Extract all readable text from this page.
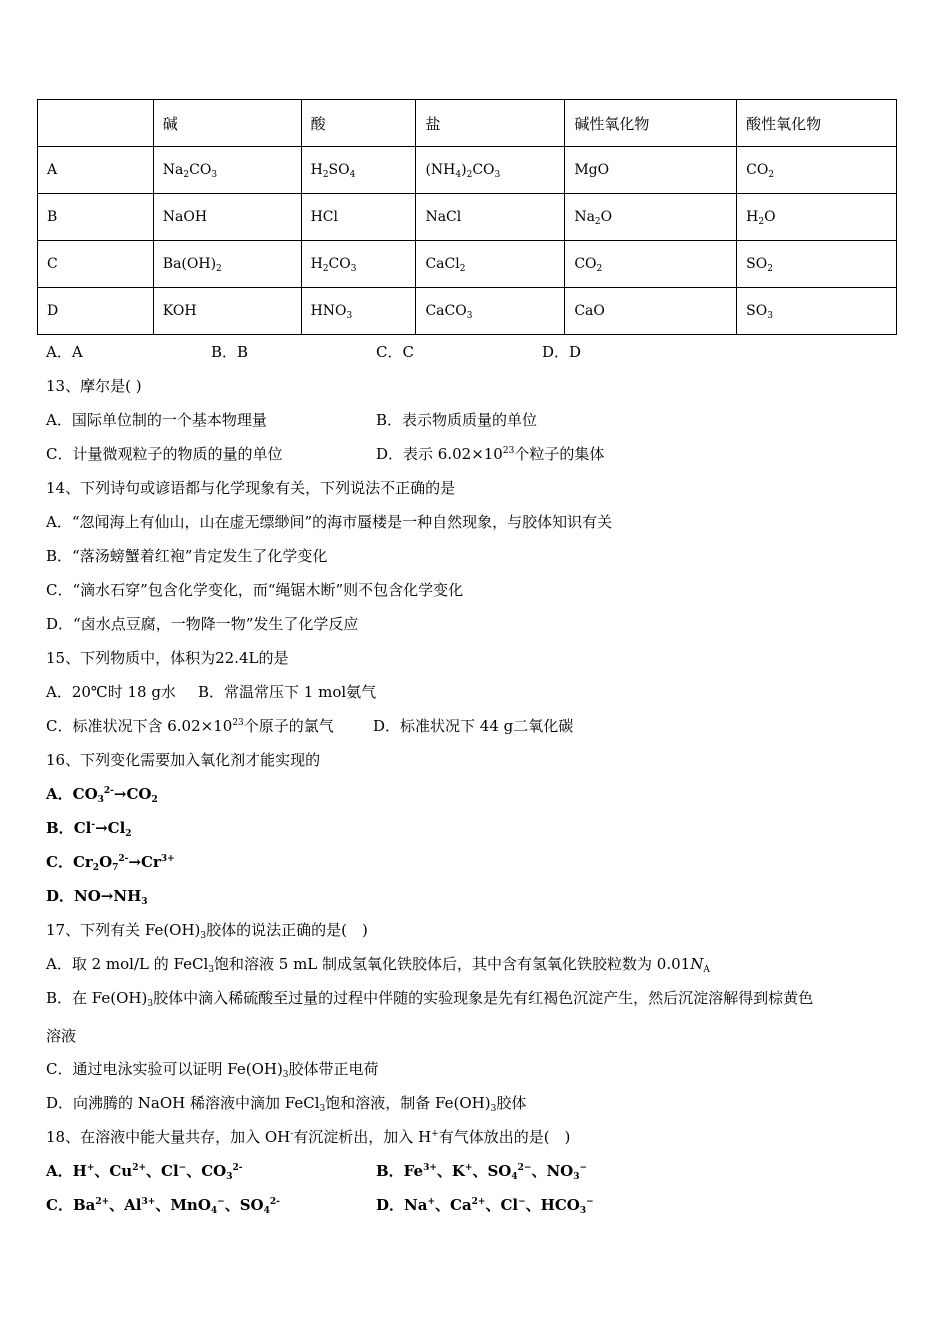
	碱	酸	盐	碱性氧化物	酸性氧化物
A	$Na_2CO_3$	$H_2SO_4$	$(NH_4)_2CO_3$	MgO	$CO_2$
B	NaOH	HCl	NaCl	$Na_2O$	$H_2O$
C	$Ba(OH)_2$	$H_2CO_3$	CaCl$_2$	$CO_2$	$SO_2$
D	KOH	$HNO_3$	CaCO$_3$	CaO	$SO_3$
A．A	B．B	C．C	D．D
13、摩尔是( )
A．国际单位制的一个基本物理量	B．表示物质质量的单位
C．计量微观粒子的物质的量的单位	D．表示 $6.02\times 10^{23}$个粒子的集体
14、下列诗句或谚语都与化学现象有关，下列说法不正确的是
A．“忽闻海上有仙山，山在虚无缥缈间”的海市蜃楼是一种自然现象，与胶体知识有关
B．“落汤螃蟹着红袍”肯定发生了化学变化
C．“滴水石穿”包含化学变化，而“绳锯木断”则不包含化学变化
D．“卤水点豆腐，一物降一物”发生了化学反应
15、下列物质中，体积为22.4L的是
A．20℃时 18 g水 B．常温常压下 1 mol氨气
C．标准状况下含 $6.02\times 10^{23}$个原子的氯气	D．标准状况下 44 g二氧化碳
16、下列变化需要加入氧化剂才能实现的
A．$CO_3^{2-}\to CO_2$
B．$Cl^-\to Cl_2$
C．$Cr_2O_7^{2-}\to Cr^{3+}$
D．$NO\to NH_3$
17、下列有关 $Fe(OH)_3$胶体的说法正确的是(　)
A．取 2 mol/L 的 FeCl$_3$饱和溶液 5 mL 制成氢氧化铁胶体后，其中含有氢氧化铁胶粒数为 $0.01N_A$
B．在 $Fe(OH)_3$胶体中滴入稀硫酸至过量的过程中伴随的实验现象是先有红褐色沉淀产生，然后沉淀溶解得到棕黄色
溶液
C．通过电泳实验可以证明 $Fe(OH)_3$胶体带正电荷
D．向沸腾的 NaOH 稀溶液中滴加 FeCl$_3$饱和溶液，制备 $Fe(OH)_3$胶体
18、在溶液中能大量共存，加入 OH-有沉淀析出，加入 H+有气体放出的是(　)
A．H+、$Cu^{2+}$、Cl−、$CO_3^{2-}$	B．$Fe^{3+}$、K+、$SO_4^{2-}$、$NO_3^-$
C．$Ba^{2+}$、$Al^{3+}$、MnO$_4$−、$SO_4^{2-}$	D．Na+、$Ca^{2+}$、Cl−、$HCO_3^-$
